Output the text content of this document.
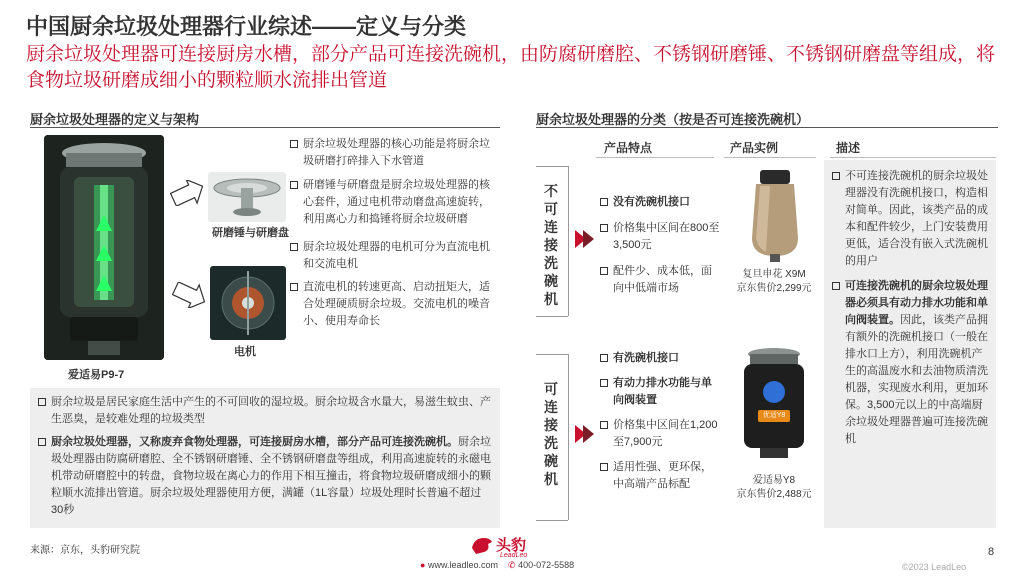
中国厨余垃圾处理器行业综述——定义与分类
厨余垃圾处理器可连接厨房水槽，部分产品可连接洗碗机，由防腐研磨腔、不锈钢研磨锤、不锈钢研磨盘等组成，将食物垃圾研磨成细小的颗粒顺水流排出管道
厨余垃圾处理器的定义与架构
研磨锤与研磨盘
电机
爱适易P9-7
厨余垃圾处理器的核心功能是将厨余垃圾研磨打碎排入下水管道
研磨锤与研磨盘是厨余垃圾处理器的核心套件，通过电机带动磨盘高速旋转，利用离心力和捣锤将厨余垃圾研磨
厨余垃圾处理器的电机可分为直流电机和交流电机
直流电机的转速更高、启动扭矩大，适合处理硬质厨余垃圾。交流电机的噪音小、使用寿命长
厨余垃圾是居民家庭生活中产生的不可回收的湿垃圾。厨余垃圾含水量大，易滋生蚊虫、产生恶臭，是较难处理的垃圾类型
厨余垃圾处理器，又称废弃食物处理器，可连接厨房水槽，部分产品可连接洗碗机。厨余垃圾处理器由防腐研磨腔、全不锈钢研磨锤、全不锈钢研磨盘等组成，利用高速旋转的永磁电机带动研磨腔中的转盘，食物垃圾在离心力的作用下相互撞击，将食物垃圾研磨成细小的颗粒顺水流排出管道。厨余垃圾处理器使用方便，满罐（1L容量）垃圾处理时长普遍不超过30秒
来源：京东，头豹研究院
厨余垃圾处理器的分类（按是否可连接洗碗机）
产品特点	产品实例	描述
不可连接洗碗机
没有洗碗机接口
价格集中区间在800至3,500元
配件少、成本低，面向中低端市场
复旦申花 X9M
京东售价2,299元
可连接洗碗机
有洗碗机接口
有动力排水功能与单向阀装置
价格集中区间在1,200至7,900元
适用性强、更环保，中高端产品标配
优适Y8
爱适易Y8
京东售价2,488元
不可连接洗碗机的厨余垃圾处理器没有洗碗机接口，构造相对简单。因此，该类产品的成本和配件较少，上门安装费用更低，适合没有嵌入式洗碗机的用户
可连接洗碗机的厨余垃圾处理器必须具有动力排水功能和单向阀装置。因此，该类产品拥有额外的洗碗机接口（一般在排水口上方），利用洗碗机产生的高温废水和去油物质清洗机器，实现废水利用，更加环保。3,500元以上的中高端厨余垃圾处理器普遍可连接洗碗机
头豹
LeadLeo
● www.leadleo.com ✆ 400-072-5588
8
©2023 LeadLeo
